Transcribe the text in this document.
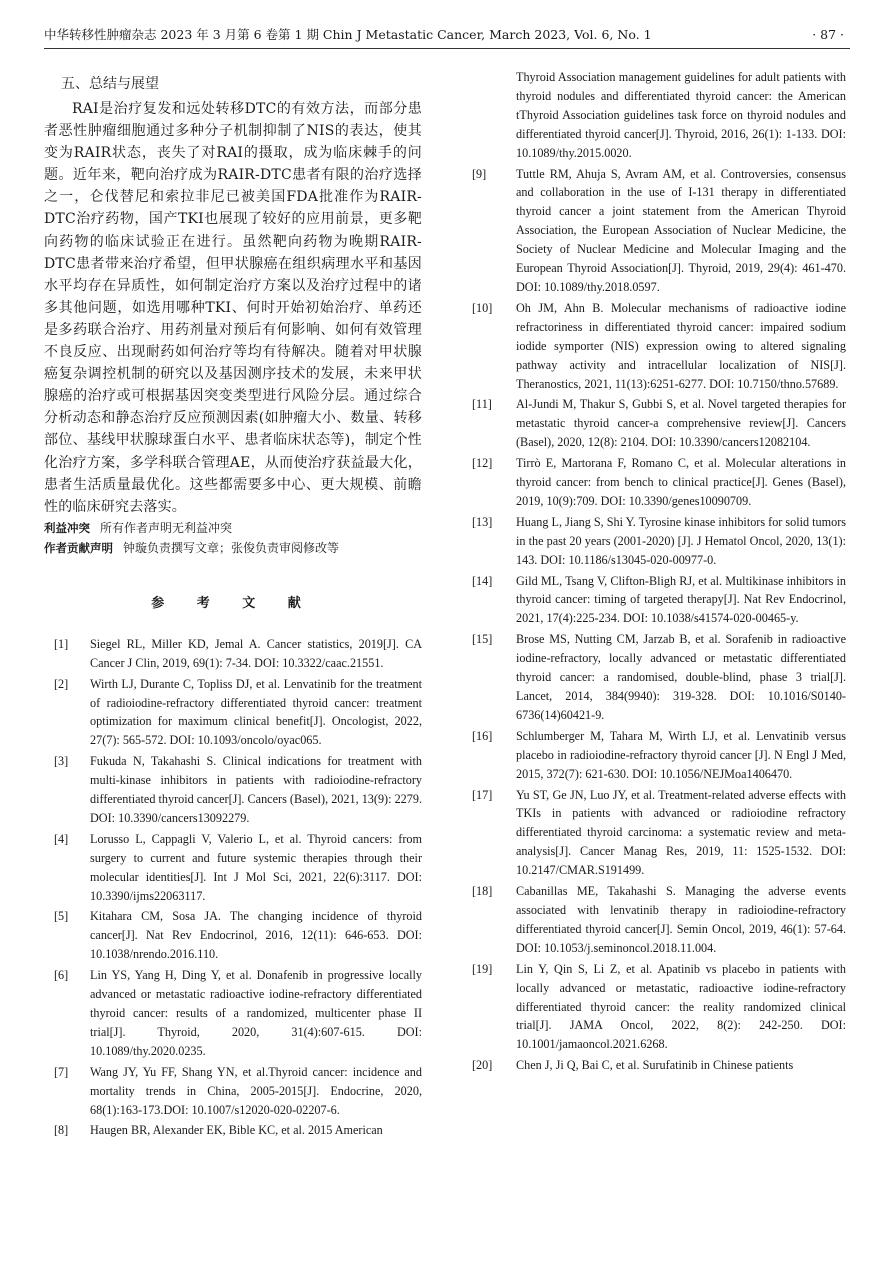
中华转移性肿瘤杂志 2023 年 3 月第 6 卷第 1 期 Chin J Metastatic Cancer, March 2023, Vol. 6, No. 1	· 87 ·
五、总结与展望

RAI是治疗复发和远处转移DTC的有效方法，而部分患者恶性肿瘤细胞通过多种分子机制抑制了NIS的表达，使其变为RAIR状态，丧失了对RAI的摄取，成为临床棘手的问题。近年来，靶向治疗成为RAIR-DTC患者有限的治疗选择之一，仑伐替尼和索拉非尼已被美国FDA批准作为RAIR-DTC治疗药物，国产TKI也展现了较好的应用前景，更多靶向药物的临床试验正在进行。虽然靶向药物为晚期RAIR-DTC患者带来治疗希望，但甲状腺癌在组织病理水平和基因水平均存在异质性，如何制定治疗方案以及治疗过程中的诸多其他问题，如选用哪种TKI、何时开始初始治疗、单药还是多药联合治疗、用药剂量对预后有何影响、如何有效管理不良反应、出现耐药如何治疗等均有待解决。随着对甲状腺癌复杂调控机制的研究以及基因测序技术的发展，未来甲状腺癌的治疗或可根据基因突变类型进行风险分层。通过综合分析动态和静态治疗反应预测因素(如肿瘤大小、数量、转移部位、基线甲状腺球蛋白水平、患者临床状态等)，制定个性化治疗方案，多学科联合管理AE，从而使治疗获益最大化，患者生活质量最优化。这些都需要多中心、更大规模、前瞻性的临床研究去落实。

利益冲突 所有作者声明无利益冲突

作者贡献声明 钟璇负责撰写文章；张俊负责审阅修改等

参 考 文 献
[1]	Siegel RL, Miller KD, Jemal A. Cancer statistics, 2019[J]. CA Cancer J Clin, 2019, 69(1): 7-34. DOI: 10.3322/caac.21551.
[2]	Wirth LJ, Durante C, Topliss DJ, et al. Lenvatinib for the treatment of radioiodine-refractory differentiated thyroid cancer: treatment optimization for maximum clinical benefit[J]. Oncologist, 2022, 27(7): 565-572. DOI: 10.1093/oncolo/oyac065.
[3]	Fukuda N, Takahashi S. Clinical indications for treatment with multi-kinase inhibitors in patients with radioiodine-refractory differentiated thyroid cancer[J]. Cancers (Basel), 2021, 13(9): 2279. DOI: 10.3390/cancers13092279.
[4]	Lorusso L, Cappagli V, Valerio L, et al. Thyroid cancers: from surgery to current and future systemic therapies through their molecular identities[J]. Int J Mol Sci, 2021, 22(6):3117. DOI: 10.3390/ijms22063117.
[5]	Kitahara CM, Sosa JA. The changing incidence of thyroid cancer[J]. Nat Rev Endocrinol, 2016, 12(11): 646-653. DOI: 10.1038/nrendo.2016.110.
[6]	Lin YS, Yang H, Ding Y, et al. Donafenib in progressive locally advanced or metastatic radioactive iodine-refractory differentiated thyroid cancer: results of a randomized, multicenter phase II trial[J]. Thyroid, 2020, 31(4):607-615. DOI: 10.1089/thy.2020.0235.
[7]	Wang JY, Yu FF, Shang YN, et al.Thyroid cancer: incidence and mortality trends in China, 2005-2015[J]. Endocrine, 2020, 68(1):163-173.DOI: 10.1007/s12020-020-02207-6.
[8]	Haugen BR, Alexander EK, Bible KC, et al. 2015 American
Thyroid Association management guidelines for adult patients with thyroid nodules and differentiated thyroid cancer: the American tThyroid Association guidelines task force on thyroid nodules and differentiated thyroid cancer[J]. Thyroid, 2016, 26(1): 1-133. DOI: 10.1089/thy.2015.0020.
[9]	Tuttle RM, Ahuja S, Avram AM, et al. Controversies, consensus and collaboration in the use of I-131 therapy in differentiated thyroid cancer a joint statement from the American Thyroid Association, the European Association of Nuclear Medicine, the Society of Nuclear Medicine and Molecular Imaging and the European Thyroid Association[J]. Thyroid, 2019, 29(4): 461-470. DOI: 10.1089/thy.2018.0597.
[10]	Oh JM, Ahn B. Molecular mechanisms of radioactive iodine refractoriness in differentiated thyroid cancer: impaired sodium iodide symporter (NIS) expression owing to altered signaling pathway activity and intracellular localization of NIS[J]. Theranostics, 2021, 11(13):6251-6277. DOI: 10.7150/thno.57689.
[11]	Al-Jundi M, Thakur S, Gubbi S, et al. Novel targeted therapies for metastatic thyroid cancer-a comprehensive review[J]. Cancers (Basel), 2020, 12(8): 2104. DOI: 10.3390/cancers12082104.
[12]	Tirrò E, Martorana F, Romano C, et al. Molecular alterations in thyroid cancer: from bench to clinical practice[J]. Genes (Basel), 2019, 10(9):709. DOI: 10.3390/genes10090709.
[13]	Huang L, Jiang S, Shi Y. Tyrosine kinase inhibitors for solid tumors in the past 20 years (2001-2020) [J]. J Hematol Oncol, 2020, 13(1): 143. DOI: 10.1186/s13045-020-00977-0.
[14]	Gild ML, Tsang V, Clifton-Bligh RJ, et al. Multikinase inhibitors in thyroid cancer: timing of targeted therapy[J]. Nat Rev Endocrinol, 2021, 17(4):225-234. DOI: 10.1038/s41574-020-00465-y.
[15]	Brose MS, Nutting CM, Jarzab B, et al. Sorafenib in radioactive iodine-refractory, locally advanced or metastatic differentiated thyroid cancer: a randomised, double-blind, phase 3 trial[J]. Lancet, 2014, 384(9940): 319-328. DOI: 10.1016/S0140-6736(14)60421-9.
[16]	Schlumberger M, Tahara M, Wirth LJ, et al. Lenvatinib versus placebo in radioiodine-refractory thyroid cancer [J]. N Engl J Med, 2015, 372(7): 621-630. DOI: 10.1056/NEJMoa1406470.
[17]	Yu ST, Ge JN, Luo JY, et al. Treatment-related adverse effects with TKIs in patients with advanced or radioiodine refractory differentiated thyroid carcinoma: a systematic review and meta-analysis[J]. Cancer Manag Res, 2019, 11: 1525-1532. DOI: 10.2147/CMAR.S191499.
[18]	Cabanillas ME, Takahashi S. Managing the adverse events associated with lenvatinib therapy in radioiodine-refractory differentiated thyroid cancer[J]. Semin Oncol, 2019, 46(1): 57-64. DOI: 10.1053/j.seminoncol.2018.11.004.
[19]	Lin Y, Qin S, Li Z, et al. Apatinib vs placebo in patients with locally advanced or metastatic, radioactive iodine-refractory differentiated thyroid cancer: the reality randomized clinical trial[J]. JAMA Oncol, 2022, 8(2): 242-250. DOI: 10.1001/jamaoncol.2021.6268.
[20]	Chen J, Ji Q, Bai C, et al. Surufatinib in Chinese patients
